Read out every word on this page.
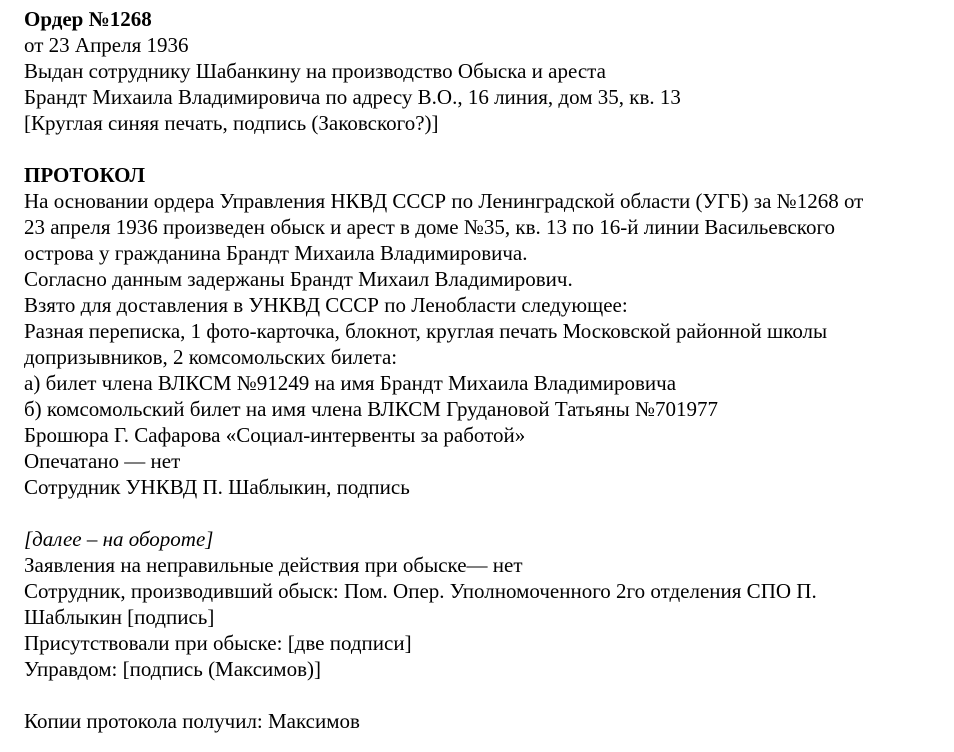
Ордер №1268
от 23 Апреля 1936
Выдан сотруднику Шабанкину на производство Обыска и ареста
Брандт Михаила Владимировича по адресу В.О., 16 линия, дом 35, кв. 13
[Круглая синяя печать, подпись (Заковского?)]
ПРОТОКОЛ
На основании ордера Управления НКВД СССР по Ленинградской области (УГБ) за №1268 от
23 апреля 1936 произведен обыск и арест в доме №35, кв. 13 по 16-й линии Васильевского
острова у гражданина Брандт Михаила Владимировича.
Согласно данным задержаны Брандт Михаил Владимирович.
Взято для доставления в УНКВД СССР по Ленобласти следующее:
Разная переписка, 1 фото-карточка, блокнот, круглая печать Московской районной школы
допризывников, 2 комсомольских билета:
а) билет члена ВЛКСМ №91249 на имя Брандт Михаила Владимировича
б) комсомольский билет на имя члена ВЛКСМ Грудановой Татьяны №701977
Брошюра Г. Сафарова «Социал-интервенты за работой»
Опечатано — нет
Сотрудник УНКВД П. Шаблыкин, подпись
[далее – на обороте]
Заявления на неправильные действия при обыске— нет
Сотрудник, производивший обыск: Пом. Опер. Уполномоченного 2го отделения СПО П.
Шаблыкин [подпись]
Присутствовали при обыске: [две подписи]
Управдом: [подпись (Максимов)]
Копии протокола получил: Максимов
